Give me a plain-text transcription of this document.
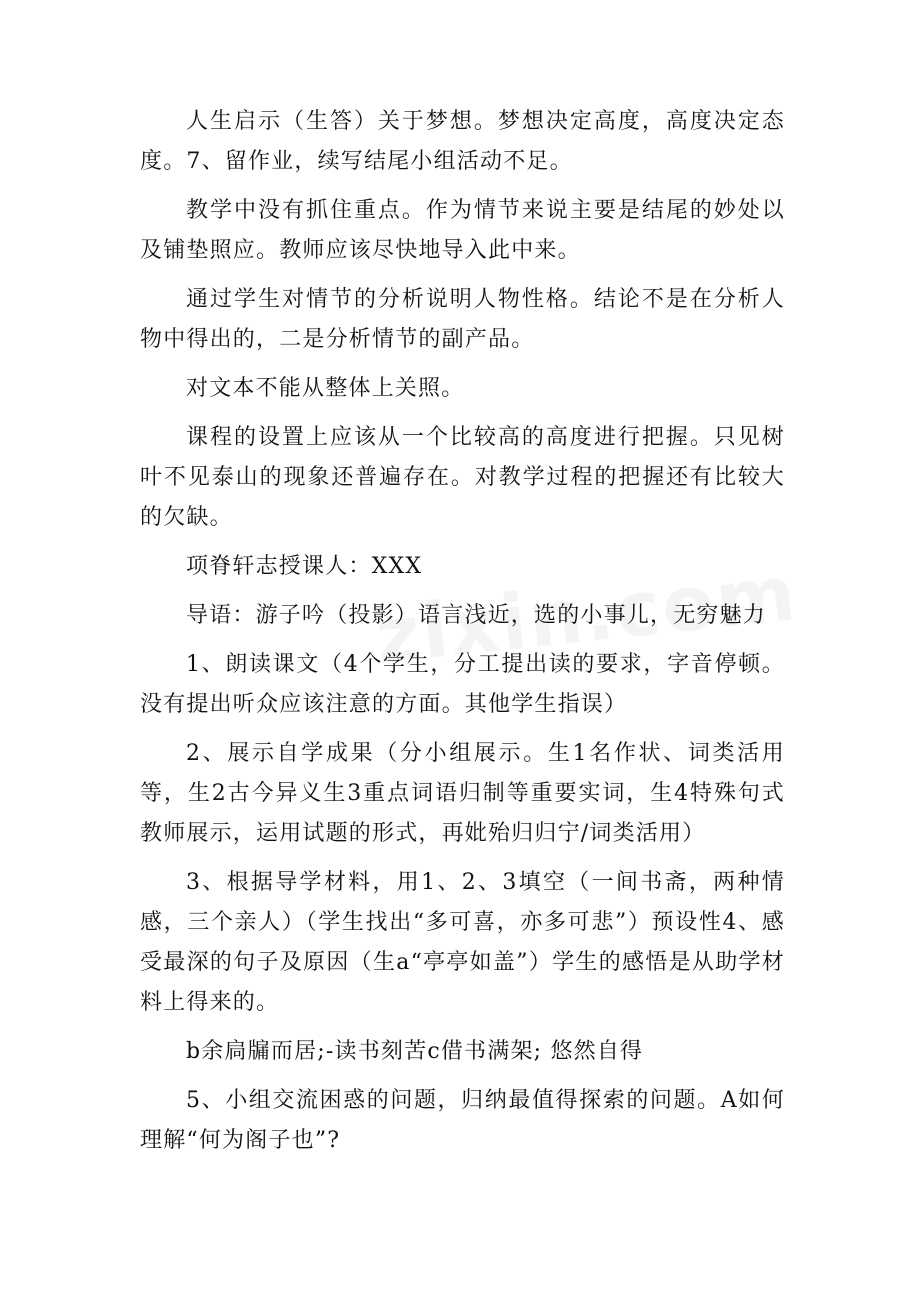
人生启示（生答）关于梦想。梦想决定高度，高度决定态度。7、留作业，续写结尾小组活动不足。

教学中没有抓住重点。作为情节来说主要是结尾的妙处以及铺垫照应。教师应该尽快地导入此中来。

通过学生对情节的分析说明人物性格。结论不是在分析人物中得出的，二是分析情节的副产品。

对文本不能从整体上关照。

课程的设置上应该从一个比较高的高度进行把握。只见树叶不见泰山的现象还普遍存在。对教学过程的把握还有比较大的欠缺。

项脊轩志授课人：XXX

导语：游子吟（投影）语言浅近，选的小事儿，无穷魅力

1、朗读课文（4个学生，分工提出读的要求，字音停顿。没有提出听众应该注意的方面。其他学生指误）

2、展示自学成果（分小组展示。生1名作状、词类活用等，生2古今异义生3重点词语归制等重要实词，生4特殊句式教师展示，运用试题的形式，再妣殆归归宁/词类活用）

3、根据导学材料，用1、2、3填空（一间书斋，两种情感，三个亲人）（学生找出“多可喜，亦多可悲”）预设性4、感受最深的句子及原因（生a“亭亭如盖”）学生的感悟是从助学材料上得来的。

b余扃牖而居;-读书刻苦c借书满架; 悠然自得

5、小组交流困惑的问题，归纳最值得探索的问题。A如何理解“何为阁子也”?
